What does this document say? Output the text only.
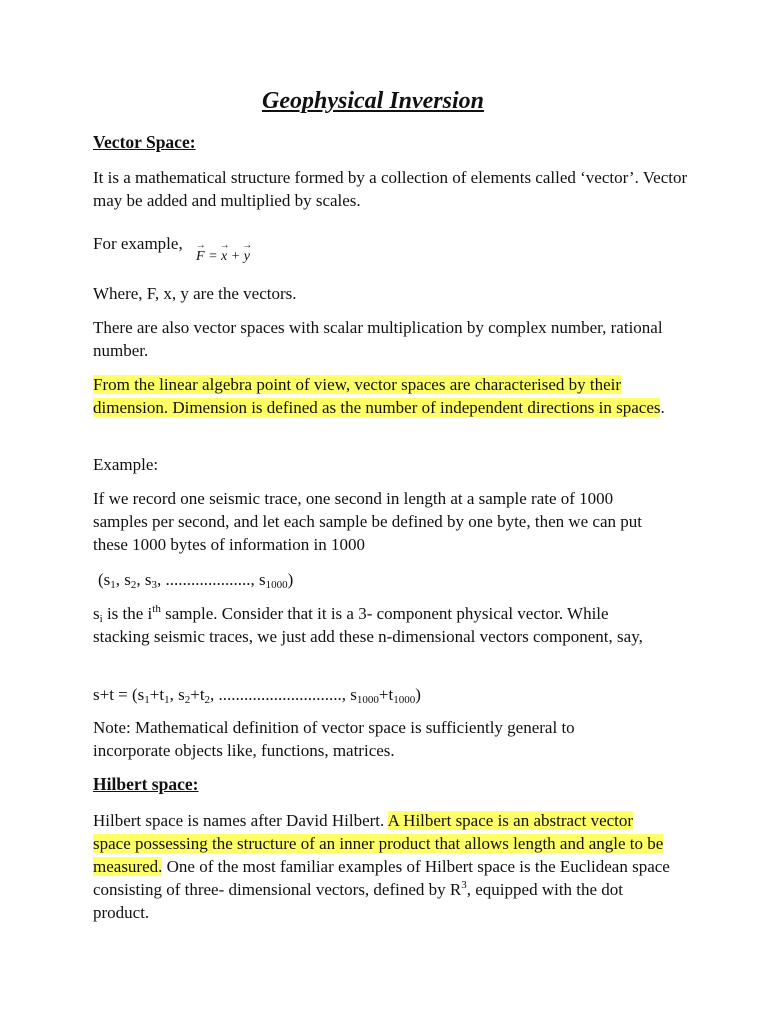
Geophysical Inversion
Vector Space:

It is a mathematical structure formed by a collection of elements called ‘vector’. Vector may be added and multiplied by scales.

For example,

→ F = → x + → y

Where, F, x, y are the vectors.

There are also vector spaces with scalar multiplication by complex number, rational number.

From the linear algebra point of view, vector spaces are characterised by their dimension. Dimension is defined as the number of independent directions in spaces.

Example:

If we record one seismic trace, one second in length at a sample rate of 1000 samples per second, and let each sample be defined by one byte, then we can put these 1000 bytes of information in 1000

($s_1$, $s_2$, $s_3$, ...................., $s_{1000}$)

$s_i$ is the $i^{th}$ sample. Consider that it is a 3- component physical vector. While stacking seismic traces, we just add these n-dimensional vectors component, say,

$s+t = (s_1+t_1$, $s_2+t_2$, ............................., $s_{1000}+t_{1000}$)

Note: Mathematical definition of vector space is sufficiently general to incorporate objects like, functions, matrices.

Hilbert space:

Hilbert space is names after David Hilbert. A Hilbert space is an abstract vector space possessing the structure of an inner product that allows length and angle to be measured. One of the most familiar examples of Hilbert space is the Euclidean space consisting of three- dimensional vectors, defined by $R^3$, equipped with the dot product.
